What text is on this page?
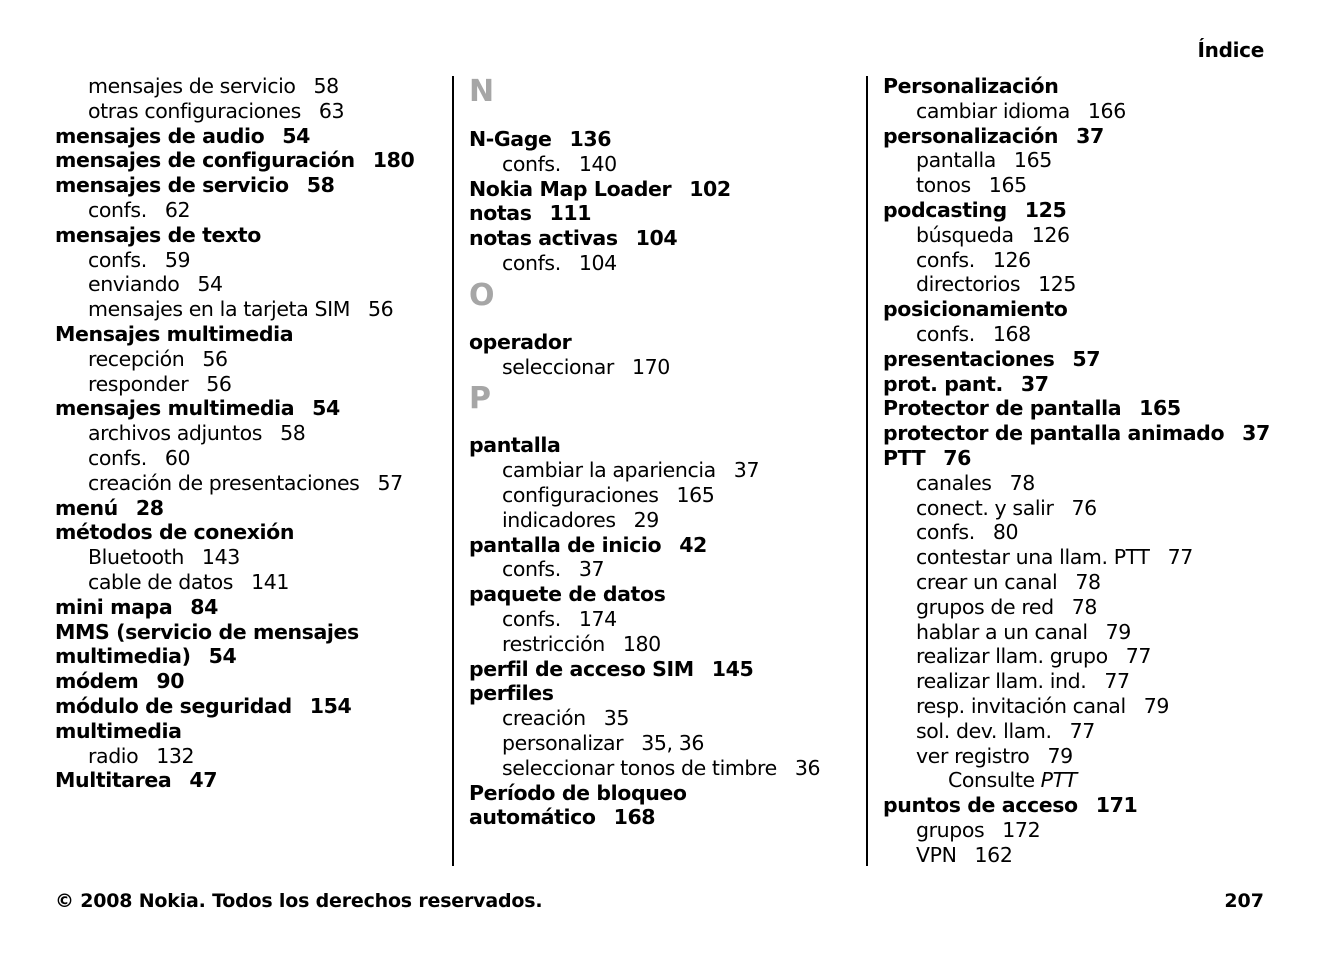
Índice
mensajes de servicio 58
otras configuraciones 63
mensajes de audio 54
mensajes de configuración 180
mensajes de servicio 58
confs. 62
mensajes de texto
confs. 59
enviando 54
mensajes en la tarjeta SIM 56
Mensajes multimedia
recepción 56
responder 56
mensajes multimedia 54
archivos adjuntos 58
confs. 60
creación de presentaciones 57
menú 28
métodos de conexión
Bluetooth 143
cable de datos 141
mini mapa 84
MMS (servicio de mensajes
multimedia) 54
módem 90
módulo de seguridad 154
multimedia
radio 132
Multitarea 47
N
N-Gage 136
confs. 140
Nokia Map Loader 102
notas 111
notas activas 104
confs. 104
O
operador
seleccionar 170
P
pantalla
cambiar la apariencia 37
configuraciones 165
indicadores 29
pantalla de inicio 42
confs. 37
paquete de datos
confs. 174
restricción 180
perfil de acceso SIM 145
perfiles
creación 35
personalizar 35, 36
seleccionar tonos de timbre 36
Período de bloqueo
automático 168
Personalización
cambiar idioma 166
personalización 37
pantalla 165
tonos 165
podcasting 125
búsqueda 126
confs. 126
directorios 125
posicionamiento
confs. 168
presentaciones 57
prot. pant. 37
Protector de pantalla 165
protector de pantalla animado 37
PTT 76
canales 78
conect. y salir 76
confs. 80
contestar una llam. PTT 77
crear un canal 78
grupos de red 78
hablar a un canal 79
realizar llam. grupo 77
realizar llam. ind. 77
resp. invitación canal 79
sol. dev. llam. 77
ver registro 79
Consulte PTT
puntos de acceso 171
grupos 172
VPN 162
© 2008 Nokia. Todos los derechos reservados.	207
